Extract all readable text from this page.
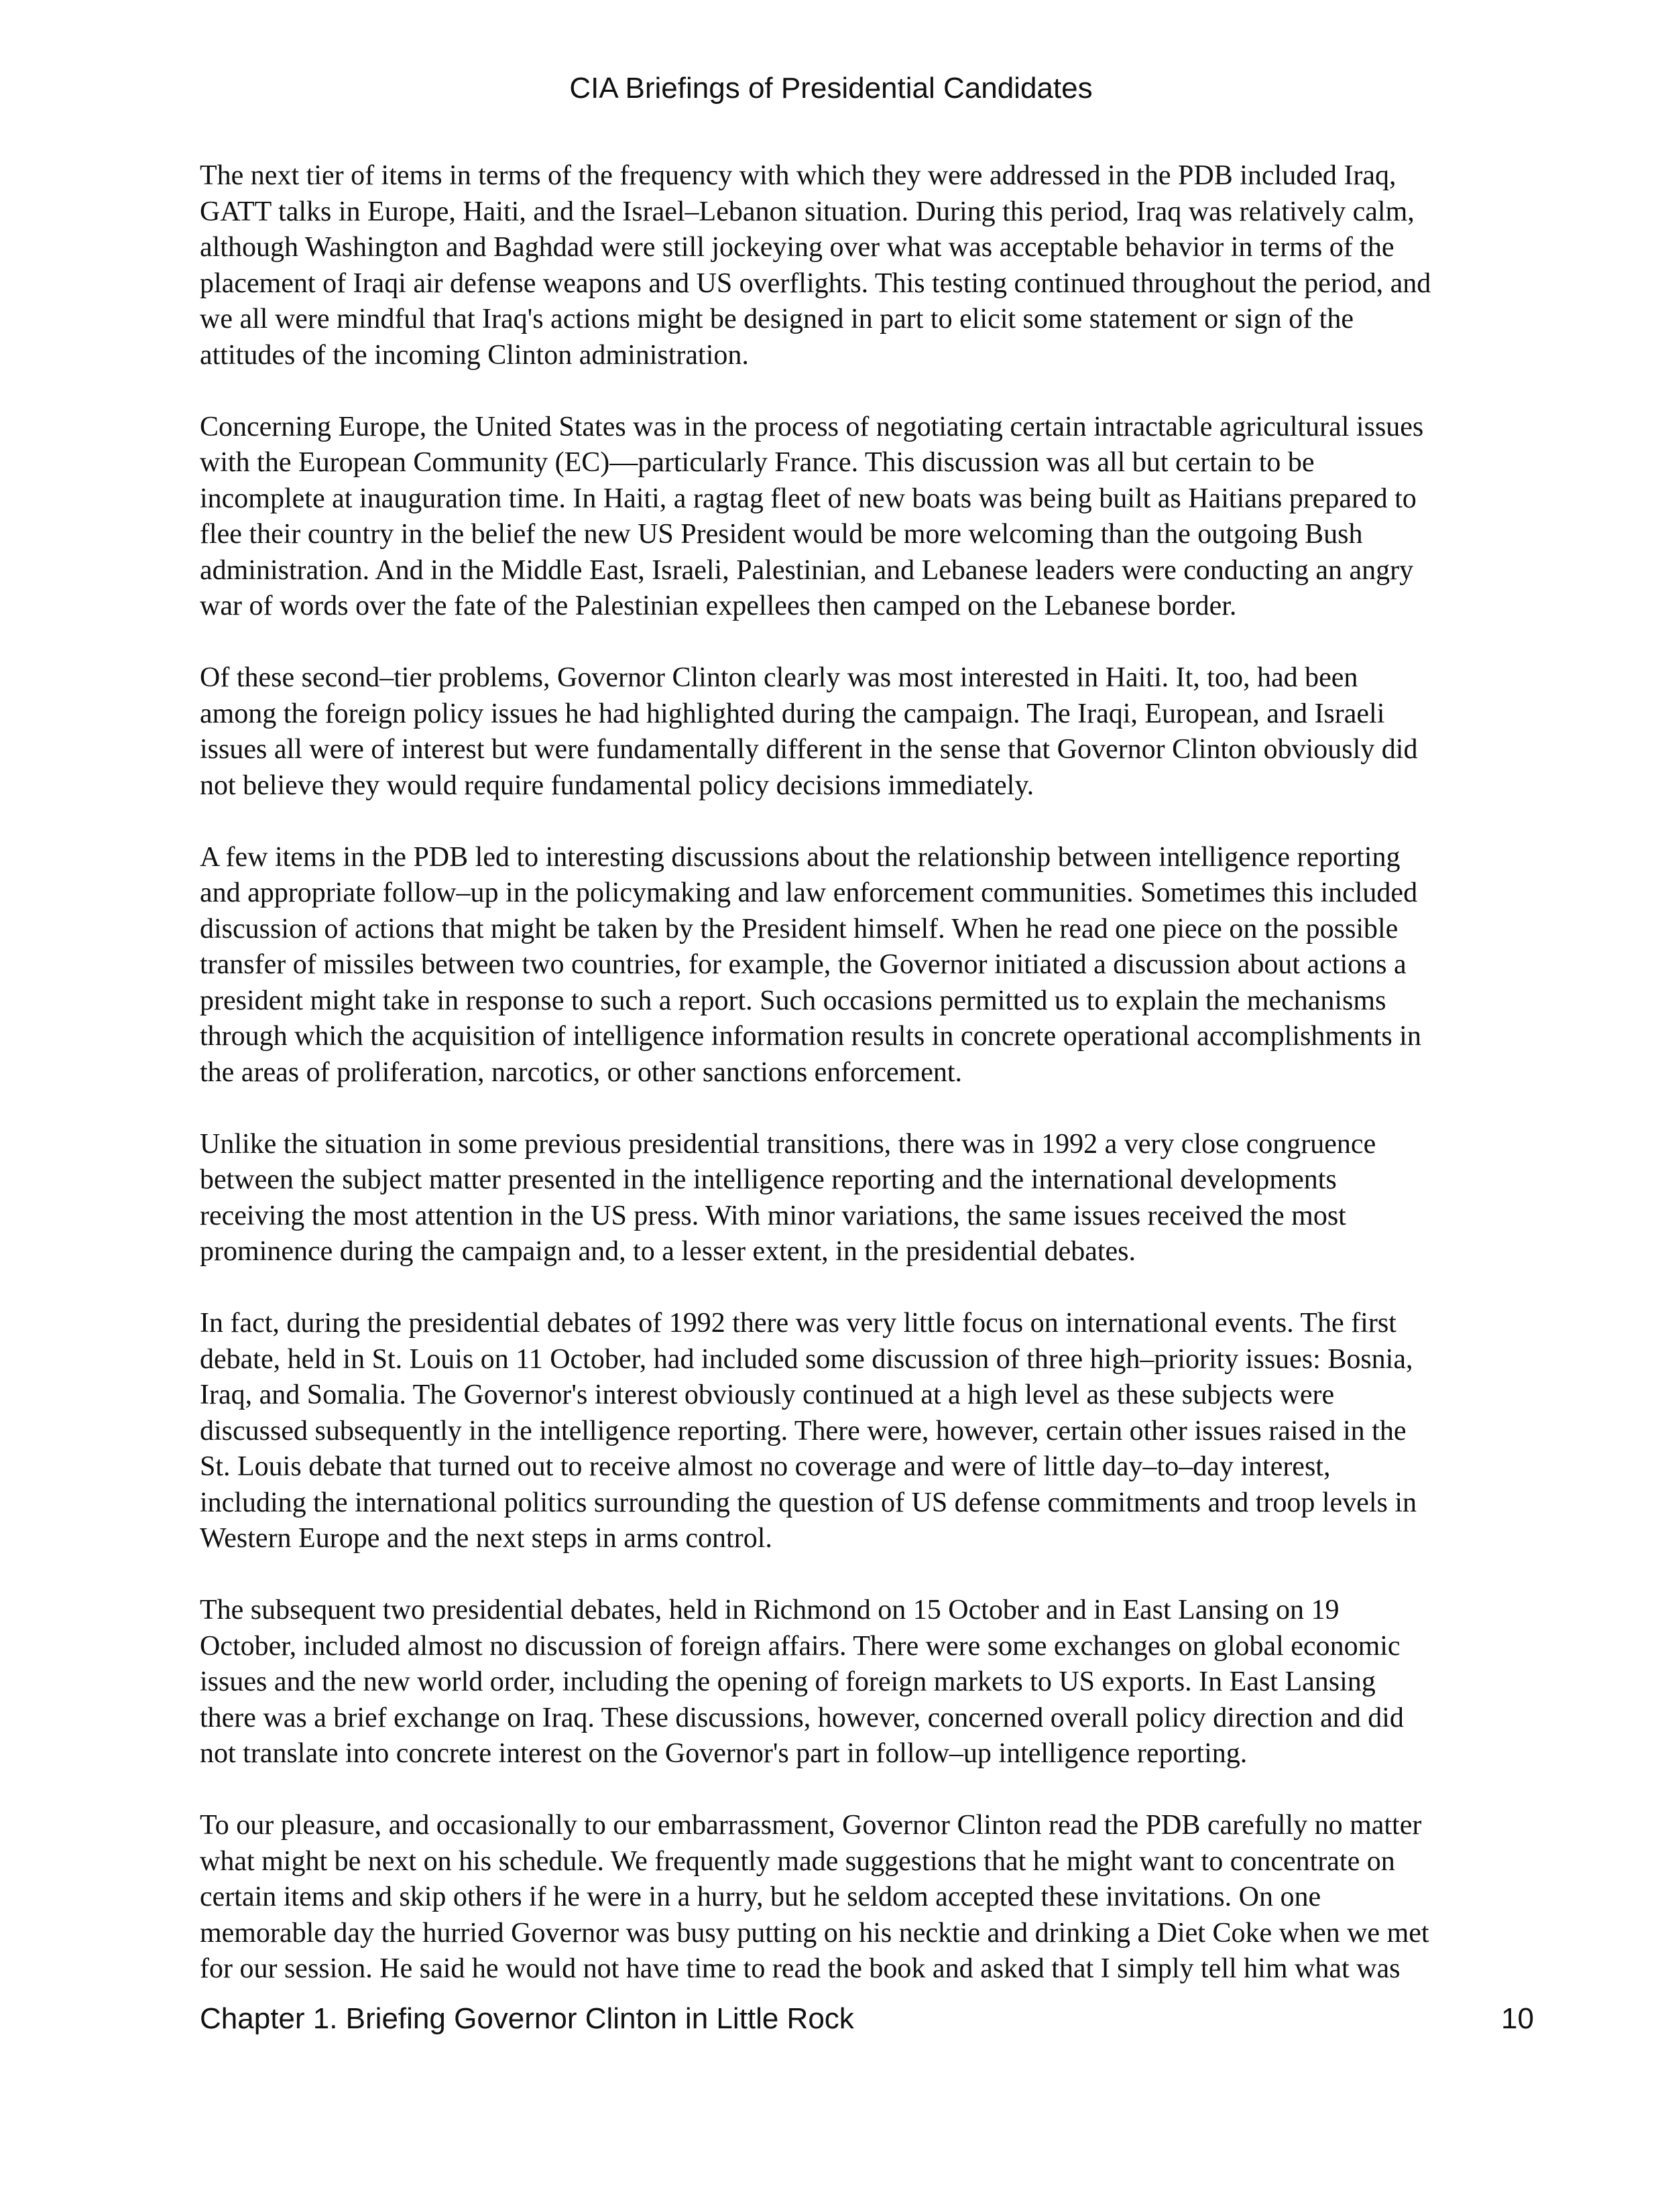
CIA Briefings of Presidential Candidates

The next tier of items in terms of the frequency with which they were addressed in the PDB included Iraq,
GATT talks in Europe, Haiti, and the Israel–Lebanon situation. During this period, Iraq was relatively calm,
although Washington and Baghdad were still jockeying over what was acceptable behavior in terms of the
placement of Iraqi air defense weapons and US overflights. This testing continued throughout the period, and
we all were mindful that Iraq's actions might be designed in part to elicit some statement or sign of the
attitudes of the incoming Clinton administration.

Concerning Europe, the United States was in the process of negotiating certain intractable agricultural issues
with the European Community (EC)––particularly France. This discussion was all but certain to be
incomplete at inauguration time. In Haiti, a ragtag fleet of new boats was being built as Haitians prepared to
flee their country in the belief the new US President would be more welcoming than the outgoing Bush
administration. And in the Middle East, Israeli, Palestinian, and Lebanese leaders were conducting an angry
war of words over the fate of the Palestinian expellees then camped on the Lebanese border.

Of these second–tier problems, Governor Clinton clearly was most interested in Haiti. It, too, had been
among the foreign policy issues he had highlighted during the campaign. The Iraqi, European, and Israeli
issues all were of interest but were fundamentally different in the sense that Governor Clinton obviously did
not believe they would require fundamental policy decisions immediately.

A few items in the PDB led to interesting discussions about the relationship between intelligence reporting
and appropriate follow–up in the policymaking and law enforcement communities. Sometimes this included
discussion of actions that might be taken by the President himself. When he read one piece on the possible
transfer of missiles between two countries, for example, the Governor initiated a discussion about actions a
president might take in response to such a report. Such occasions permitted us to explain the mechanisms
through which the acquisition of intelligence information results in concrete operational accomplishments in
the areas of proliferation, narcotics, or other sanctions enforcement.

Unlike the situation in some previous presidential transitions, there was in 1992 a very close congruence
between the subject matter presented in the intelligence reporting and the international developments
receiving the most attention in the US press. With minor variations, the same issues received the most
prominence during the campaign and, to a lesser extent, in the presidential debates.

In fact, during the presidential debates of 1992 there was very little focus on international events. The first
debate, held in St. Louis on 11 October, had included some discussion of three high–priority issues: Bosnia,
Iraq, and Somalia. The Governor's interest obviously continued at a high level as these subjects were
discussed subsequently in the intelligence reporting. There were, however, certain other issues raised in the
St. Louis debate that turned out to receive almost no coverage and were of little day–to–day interest,
including the international politics surrounding the question of US defense commitments and troop levels in
Western Europe and the next steps in arms control.

The subsequent two presidential debates, held in Richmond on 15 October and in East Lansing on 19
October, included almost no discussion of foreign affairs. There were some exchanges on global economic
issues and the new world order, including the opening of foreign markets to US exports. In East Lansing
there was a brief exchange on Iraq. These discussions, however, concerned overall policy direction and did
not translate into concrete interest on the Governor's part in follow–up intelligence reporting.

To our pleasure, and occasionally to our embarrassment, Governor Clinton read the PDB carefully no matter
what might be next on his schedule. We frequently made suggestions that he might want to concentrate on
certain items and skip others if he were in a hurry, but he seldom accepted these invitations. On one
memorable day the hurried Governor was busy putting on his necktie and drinking a Diet Coke when we met
for our session. He said he would not have time to read the book and asked that I simply tell him what was

Chapter 1. Briefing Governor Clinton in Little Rock	10
